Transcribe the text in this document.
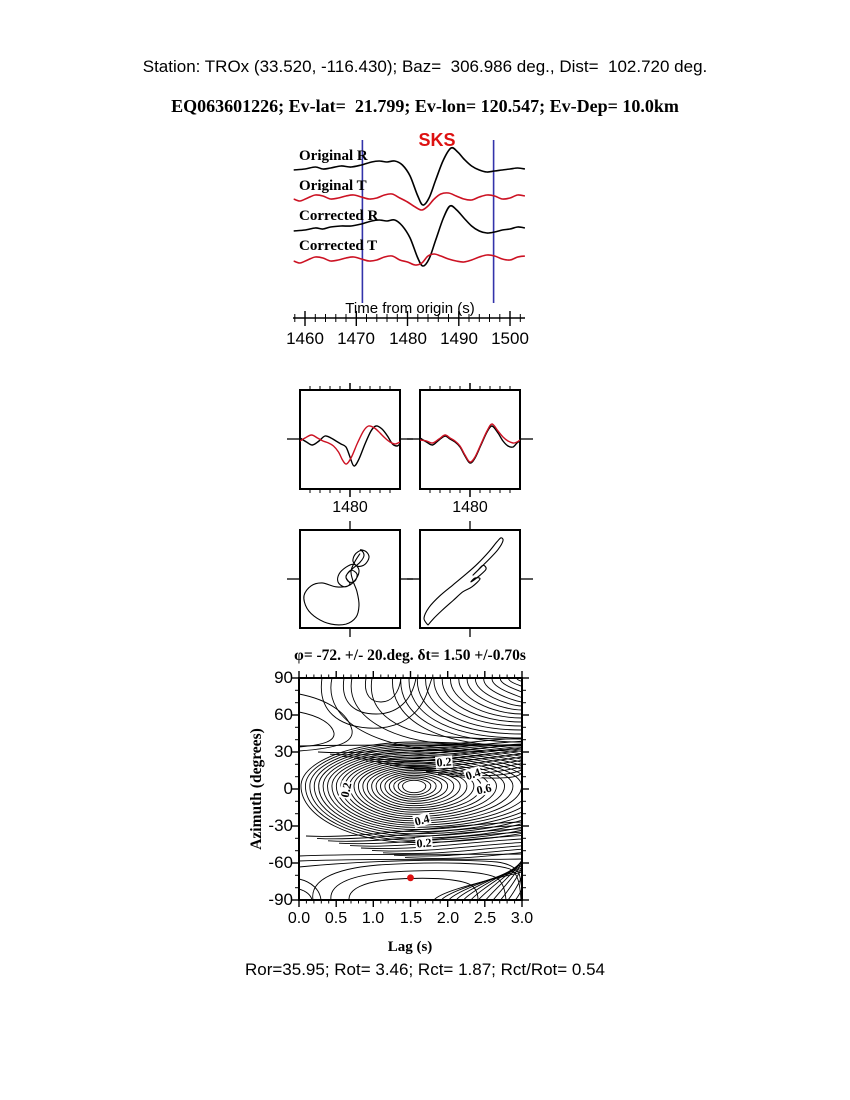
Station: TROx (33.520, -116.430); Baz=  306.986 deg., Dist=  102.720 deg.
EQ063601226; Ev-lat=  21.799; Ev-lon= 120.547; Ev-Dep= 10.0km
SKS
Original R
Original T
Corrected R
Corrected T
Time from origin (s)
1460 1470 1480 1490 1500
1480	1480
φ= -72. +/- 20.deg. δt= 1.50 +/-0.70s
Azimuth (degrees)
90
60
30
0
-30
-60
-90
0.0 0.5 1.0 1.5 2.0 2.5 3.0
Lag (s)
0.2
0.2
0.4
0.6
0.4
0.2
Ror=35.95; Rot= 3.46; Rct= 1.87; Rct/Rot= 0.54
